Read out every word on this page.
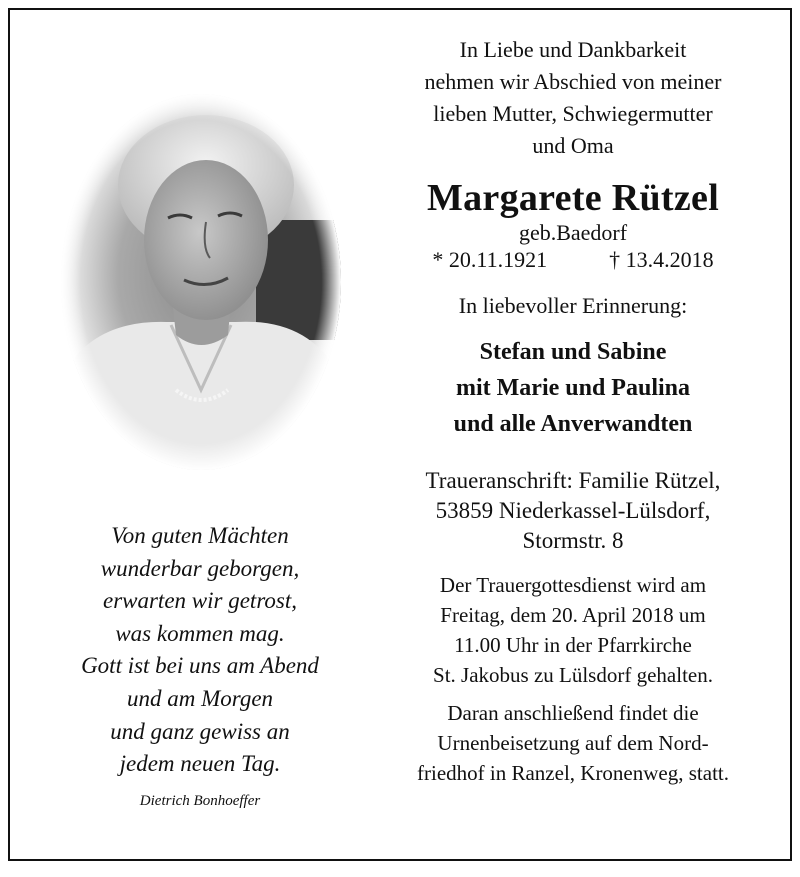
In Liebe und Dankbarkeit
nehmen wir Abschied von meiner
lieben Mutter, Schwiegermutter
und Oma
Margarete Rützel
geb.Baedorf
* 20.11.1921	† 13.4.2018
In liebevoller Erinnerung:
Stefan und Sabine
mit Marie und Paulina
und alle Anverwandten
Traueranschrift: Familie Rützel,
53859 Niederkassel-Lülsdorf,
Stormstr. 8
Der Trauergottesdienst wird am
Freitag, dem 20. April 2018 um
11.00 Uhr in der Pfarrkirche
St. Jakobus zu Lülsdorf gehalten.
Daran anschließend findet die
Urnenbeisetzung auf dem Nord-
friedhof in Ranzel, Kronenweg, statt.
Von guten Mächten
wunderbar geborgen,
erwarten wir getrost,
was kommen mag.
Gott ist bei uns am Abend
und am Morgen
und ganz gewiss an
jedem neuen Tag.
Dietrich Bonhoeffer
